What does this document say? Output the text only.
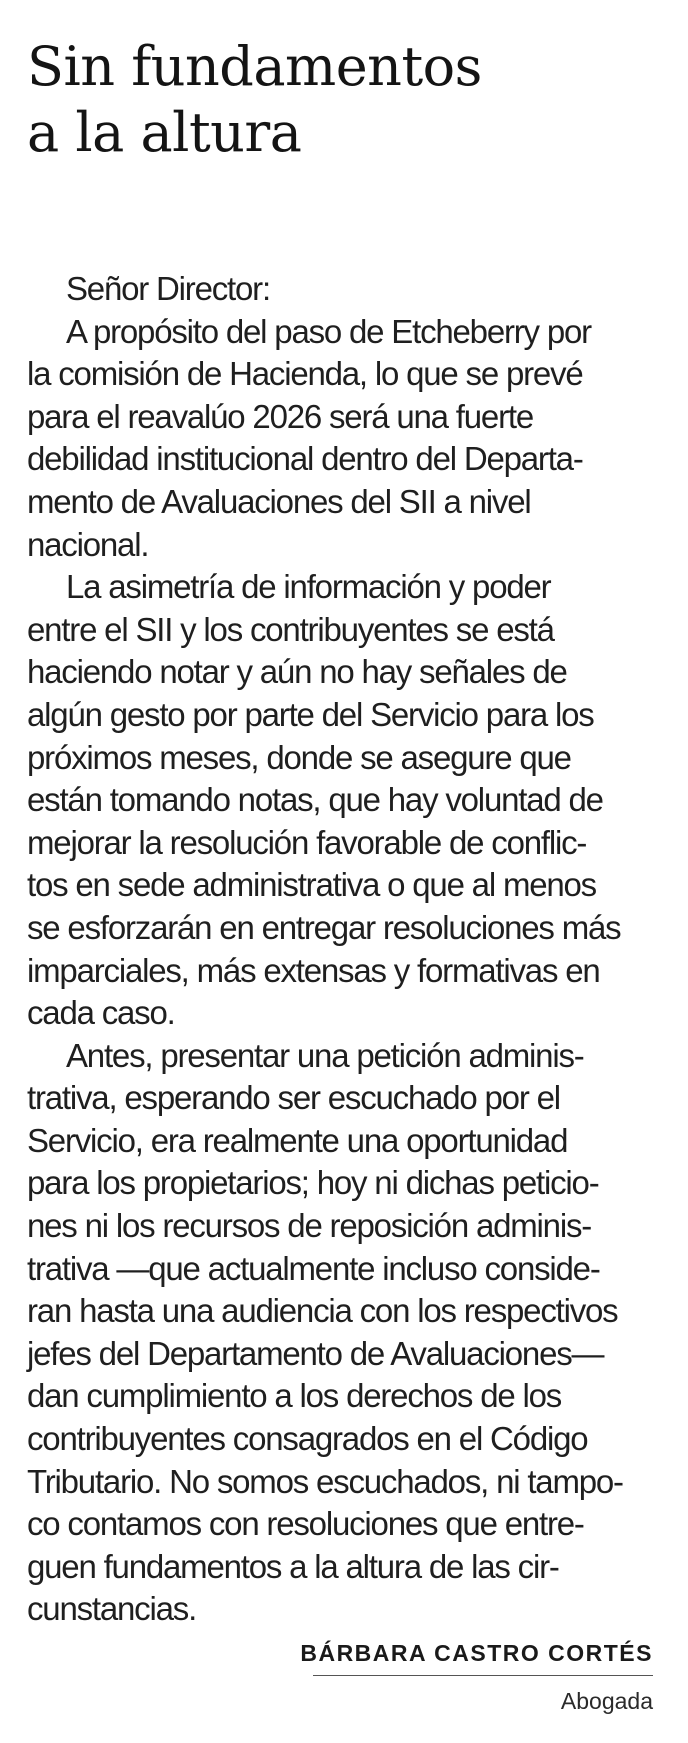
Sin fundamentos
a la altura
Señor Director:
A propósito del paso de Etcheberry por
la comisión de Hacienda, lo que se prevé
para el reavalúo 2026 será una fuerte
debilidad institucional dentro del Departa-
mento de Avaluaciones del SII a nivel
nacional.
La asimetría de información y poder
entre el SII y los contribuyentes se está
haciendo notar y aún no hay señales de
algún gesto por parte del Servicio para los
próximos meses, donde se asegure que
están tomando notas, que hay voluntad de
mejorar la resolución favorable de conflic-
tos en sede administrativa o que al menos
se esforzarán en entregar resoluciones más
imparciales, más extensas y formativas en
cada caso.
Antes, presentar una petición adminis-
trativa, esperando ser escuchado por el
Servicio, era realmente una oportunidad
para los propietarios; hoy ni dichas peticio-
nes ni los recursos de reposición adminis-
trativa —que actualmente incluso conside-
ran hasta una audiencia con los respectivos
jefes del Departamento de Avaluaciones—
dan cumplimiento a los derechos de los
contribuyentes consagrados en el Código
Tributario. No somos escuchados, ni tampo-
co contamos con resoluciones que entre-
guen fundamentos a la altura de las cir-
cunstancias.
BÁRBARA CASTRO CORTÉS
Abogada
